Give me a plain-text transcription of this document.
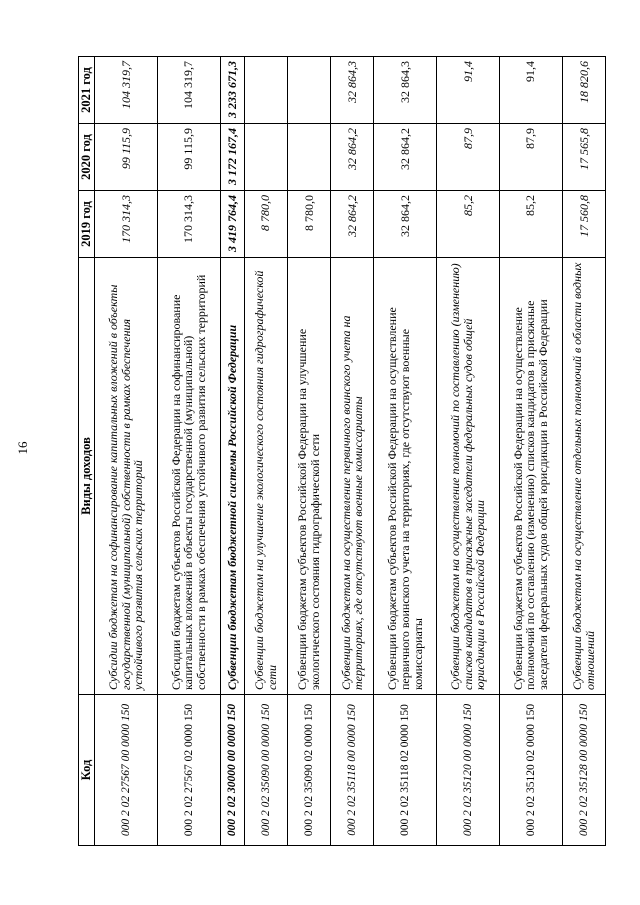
16
Код	Виды доходов	2019 год	2020 год	2021 год
000 2 02 27567 00 0000 150	Субсидии бюджетам на софинансирование капитальных вложений в объекты государственной (муниципальной) собственности в рамках обеспечения устойчивого развития сельских территорий	170 314,3	99 115,9	104 319,7
000 2 02 27567 02 0000 150	Субсидии бюджетам субъектов Российской Федерации на софинансирование капитальных вложений в объекты государственной (муниципальной) собственности в рамках обеспечения устойчивого развития сельских территорий	170 314,3	99 115,9	104 319,7
000 2 02 30000 00 0000 150	Субвенции бюджетам бюджетной системы Российской Федерации	3 419 764,4	3 172 167,4	3 233 671,3
000 2 02 35090 00 0000 150	Субвенции бюджетам на улучшение экологического состояния гидрографической сети	8 780,0		
000 2 02 35090 02 0000 150	Субвенции бюджетам субъектов Российской Федерации на улучшение экологического состояния гидрографической сети	8 780,0		
000 2 02 35118 00 0000 150	Субвенции бюджетам на осуществление первичного воинского учета на территориях, где отсутствуют военные комиссариаты	32 864,2	32 864,2	32 864,3
000 2 02 35118 02 0000 150	Субвенции бюджетам субъектов Российской Федерации на осуществление первичного воинского учета на территориях, где отсутствуют военные комиссариаты	32 864,2	32 864,2	32 864,3
000 2 02 35120 00 0000 150	Субвенции бюджетам на осуществление полномочий по составлению (изменению) списков кандидатов в присяжные заседатели федеральных судов общей юрисдикции в Российской Федерации	85,2	87,9	91,4
000 2 02 35120 02 0000 150	Субвенции бюджетам субъектов Российской Федерации на осуществление полномочий по составлению (изменению) списков кандидатов в присяжные заседатели федеральных судов общей юрисдикции в Российской Федерации	85,2	87,9	91,4
000 2 02 35128 00 0000 150	Субвенции бюджетам на осуществление отдельных полномочий в области водных отношений	17 560,8	17 565,8	18 820,6
